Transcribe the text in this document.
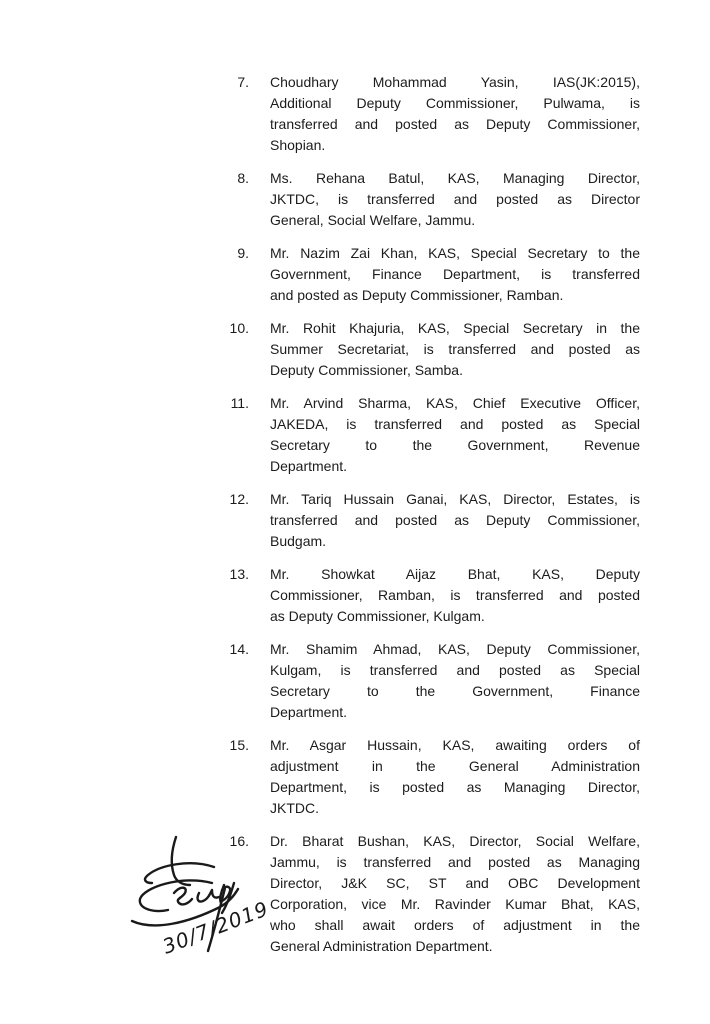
7. Choudhary Mohammad Yasin, IAS(JK:2015),
Additional Deputy Commissioner, Pulwama, is
transferred and posted as Deputy Commissioner,
Shopian.
8. Ms. Rehana Batul, KAS, Managing Director,
JKTDC, is transferred and posted as Director
General, Social Welfare, Jammu.
9. Mr. Nazim Zai Khan, KAS, Special Secretary to the
Government, Finance Department, is transferred
and posted as Deputy Commissioner, Ramban.
10. Mr. Rohit Khajuria, KAS, Special Secretary in the
Summer Secretariat, is transferred and posted as
Deputy Commissioner, Samba.
11. Mr. Arvind Sharma, KAS, Chief Executive Officer,
JAKEDA, is transferred and posted as Special
Secretary to the Government, Revenue
Department.
12. Mr. Tariq Hussain Ganai, KAS, Director, Estates, is
transferred and posted as Deputy Commissioner,
Budgam.
13. Mr. Showkat Aijaz Bhat, KAS, Deputy
Commissioner, Ramban, is transferred and posted
as Deputy Commissioner, Kulgam.
14. Mr. Shamim Ahmad, KAS, Deputy Commissioner,
Kulgam, is transferred and posted as Special
Secretary to the Government, Finance
Department.
15. Mr. Asgar Hussain, KAS, awaiting orders of
adjustment in the General Administration
Department, is posted as Managing Director,
JKTDC.
16. Dr. Bharat Bushan, KAS, Director, Social Welfare,
Jammu, is transferred and posted as Managing
Director, J&K SC, ST and OBC Development
Corporation, vice Mr. Ravinder Kumar Bhat, KAS,
who shall await orders of adjustment in the
General Administration Department.
30/7/2019
